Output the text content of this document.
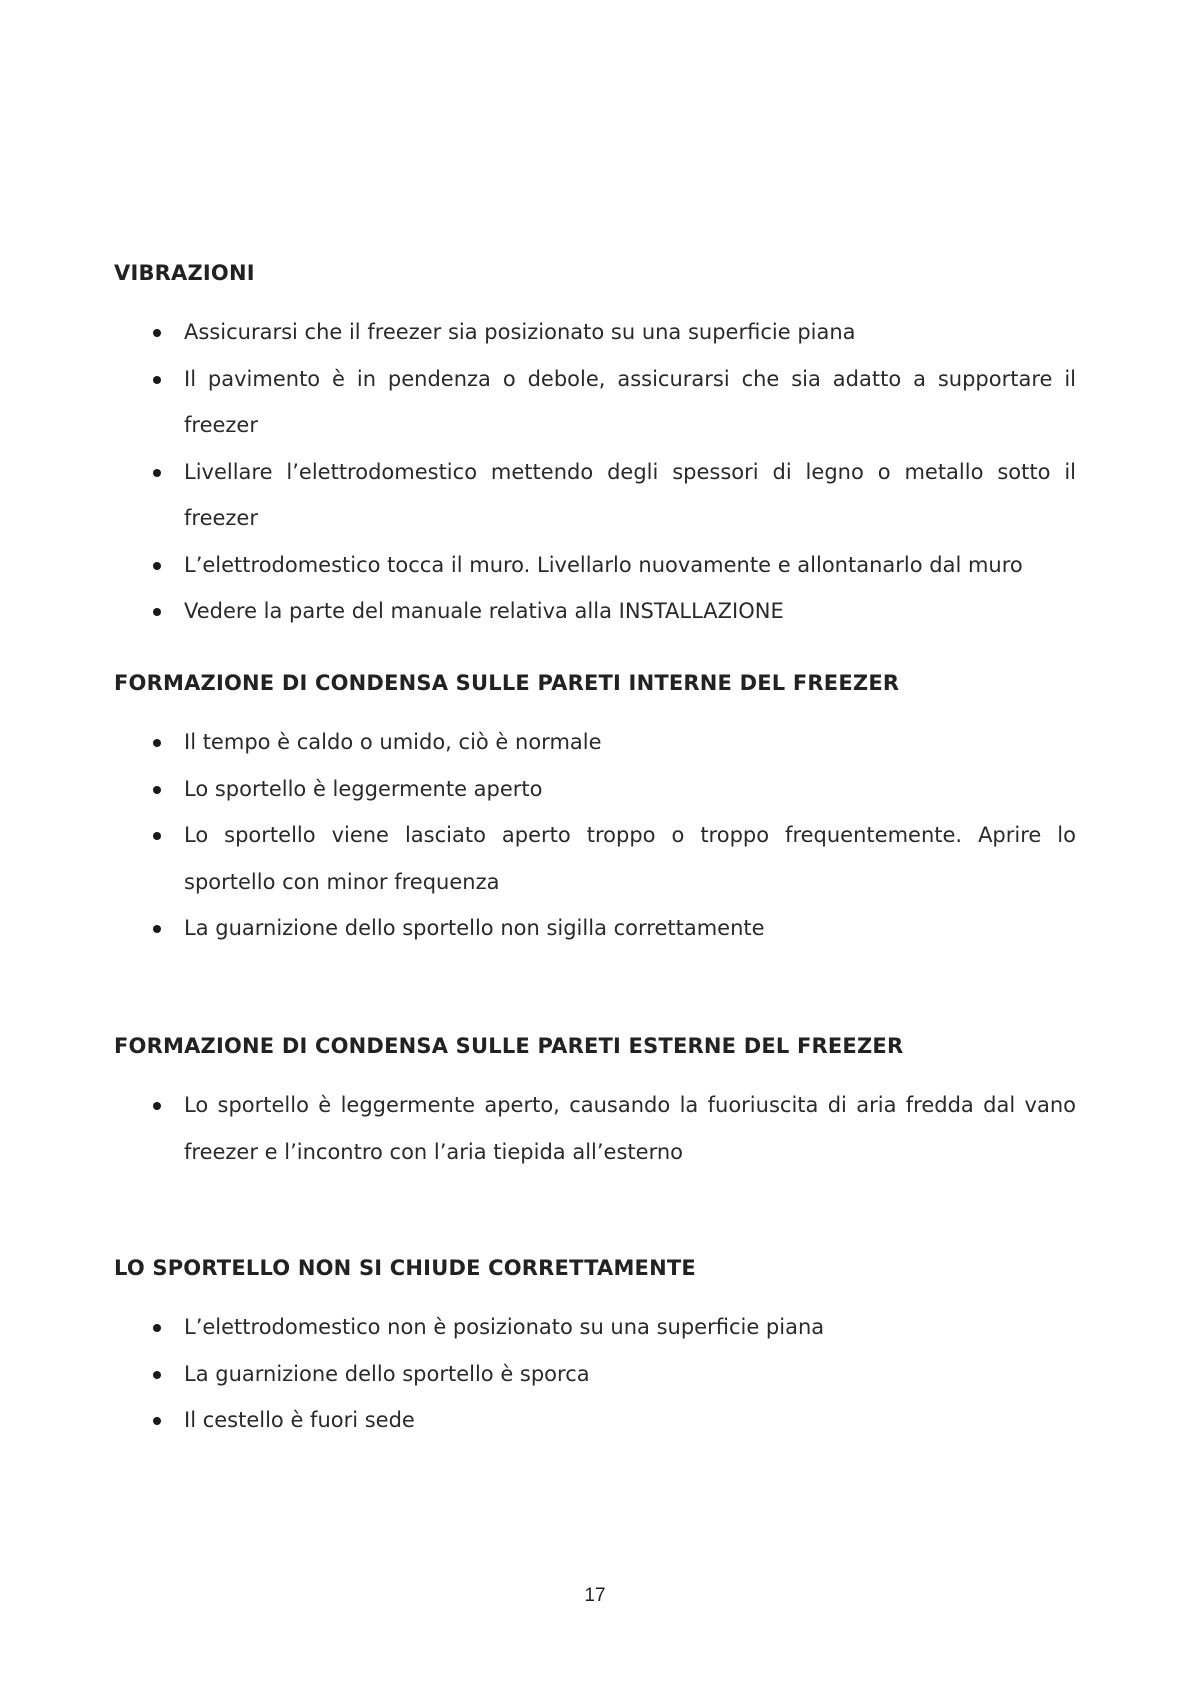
VIBRAZIONI
Assicurarsi che il freezer sia posizionato su una superficie piana
Il pavimento è in pendenza o debole, assicurarsi che sia adatto a supportare il freezer
Livellare l’elettrodomestico mettendo degli spessori di legno o metallo sotto il freezer
L’elettrodomestico tocca il muro. Livellarlo nuovamente e allontanarlo dal muro
Vedere la parte del manuale relativa alla INSTALLAZIONE
FORMAZIONE DI CONDENSA SULLE PARETI INTERNE DEL FREEZER
Il tempo è caldo o umido, ciò è normale
Lo sportello è leggermente aperto
Lo sportello viene lasciato aperto troppo o troppo frequentemente. Aprire lo sportello con minor frequenza
La guarnizione dello sportello non sigilla correttamente
FORMAZIONE DI CONDENSA SULLE PARETI ESTERNE DEL FREEZER
Lo sportello è leggermente aperto, causando la fuoriuscita di aria fredda dal vano freezer e l’incontro con l’aria tiepida all’esterno
LO SPORTELLO NON SI CHIUDE CORRETTAMENTE
L’elettrodomestico non è posizionato su una superficie piana
La guarnizione dello sportello è sporca
Il cestello è fuori sede
17
